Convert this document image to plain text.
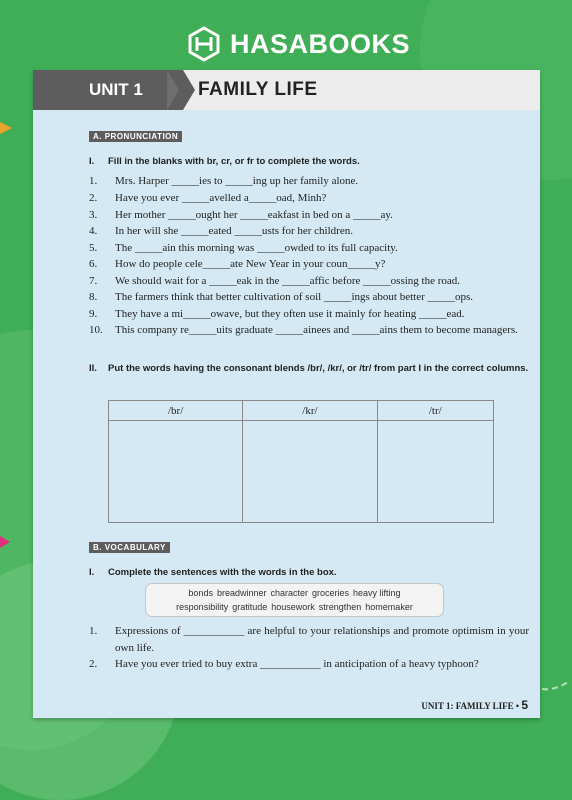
HASABOOKS
UNIT 1	FAMILY LIFE
A. PRONUNCIATION
I. Fill in the blanks with br, cr, or fr to complete the words.
1.	Mrs. Harper _____ies to _____ing up her family alone.
2.	Have you ever _____avelled a_____oad, Minh?
3.	Her mother _____ought her _____eakfast in bed on a _____ay.
4.	In her will she _____eated _____usts for her children.
5.	The _____ain this morning was _____owded to its full capacity.
6.	How do people cele_____ate New Year in your coun_____y?
7.	We should wait for a _____eak in the _____affic before _____ossing the road.
8.	The farmers think that better cultivation of soil _____ings about better _____ops.
9.	They have a mi_____owave, but they often use it mainly for heating _____ead.
10.	This company re_____uits graduate _____ainees and _____ains them to become managers.
II. Put the words having the consonant blends /br/, /kr/, or /tr/ from part I in the correct columns.
/br/	/kr/	/tr/

B. VOCABULARY
I. Complete the sentences with the words in the box.
bonds breadwinner character groceries heavy lifting
responsibility gratitude housework strengthen homemaker
1.	Expressions of ___________ are helpful to your relationships and promote optimism in your own life.
2.	Have you ever tried to buy extra ___________ in anticipation of a heavy typhoon?
UNIT 1: FAMILY LIFE • 5
